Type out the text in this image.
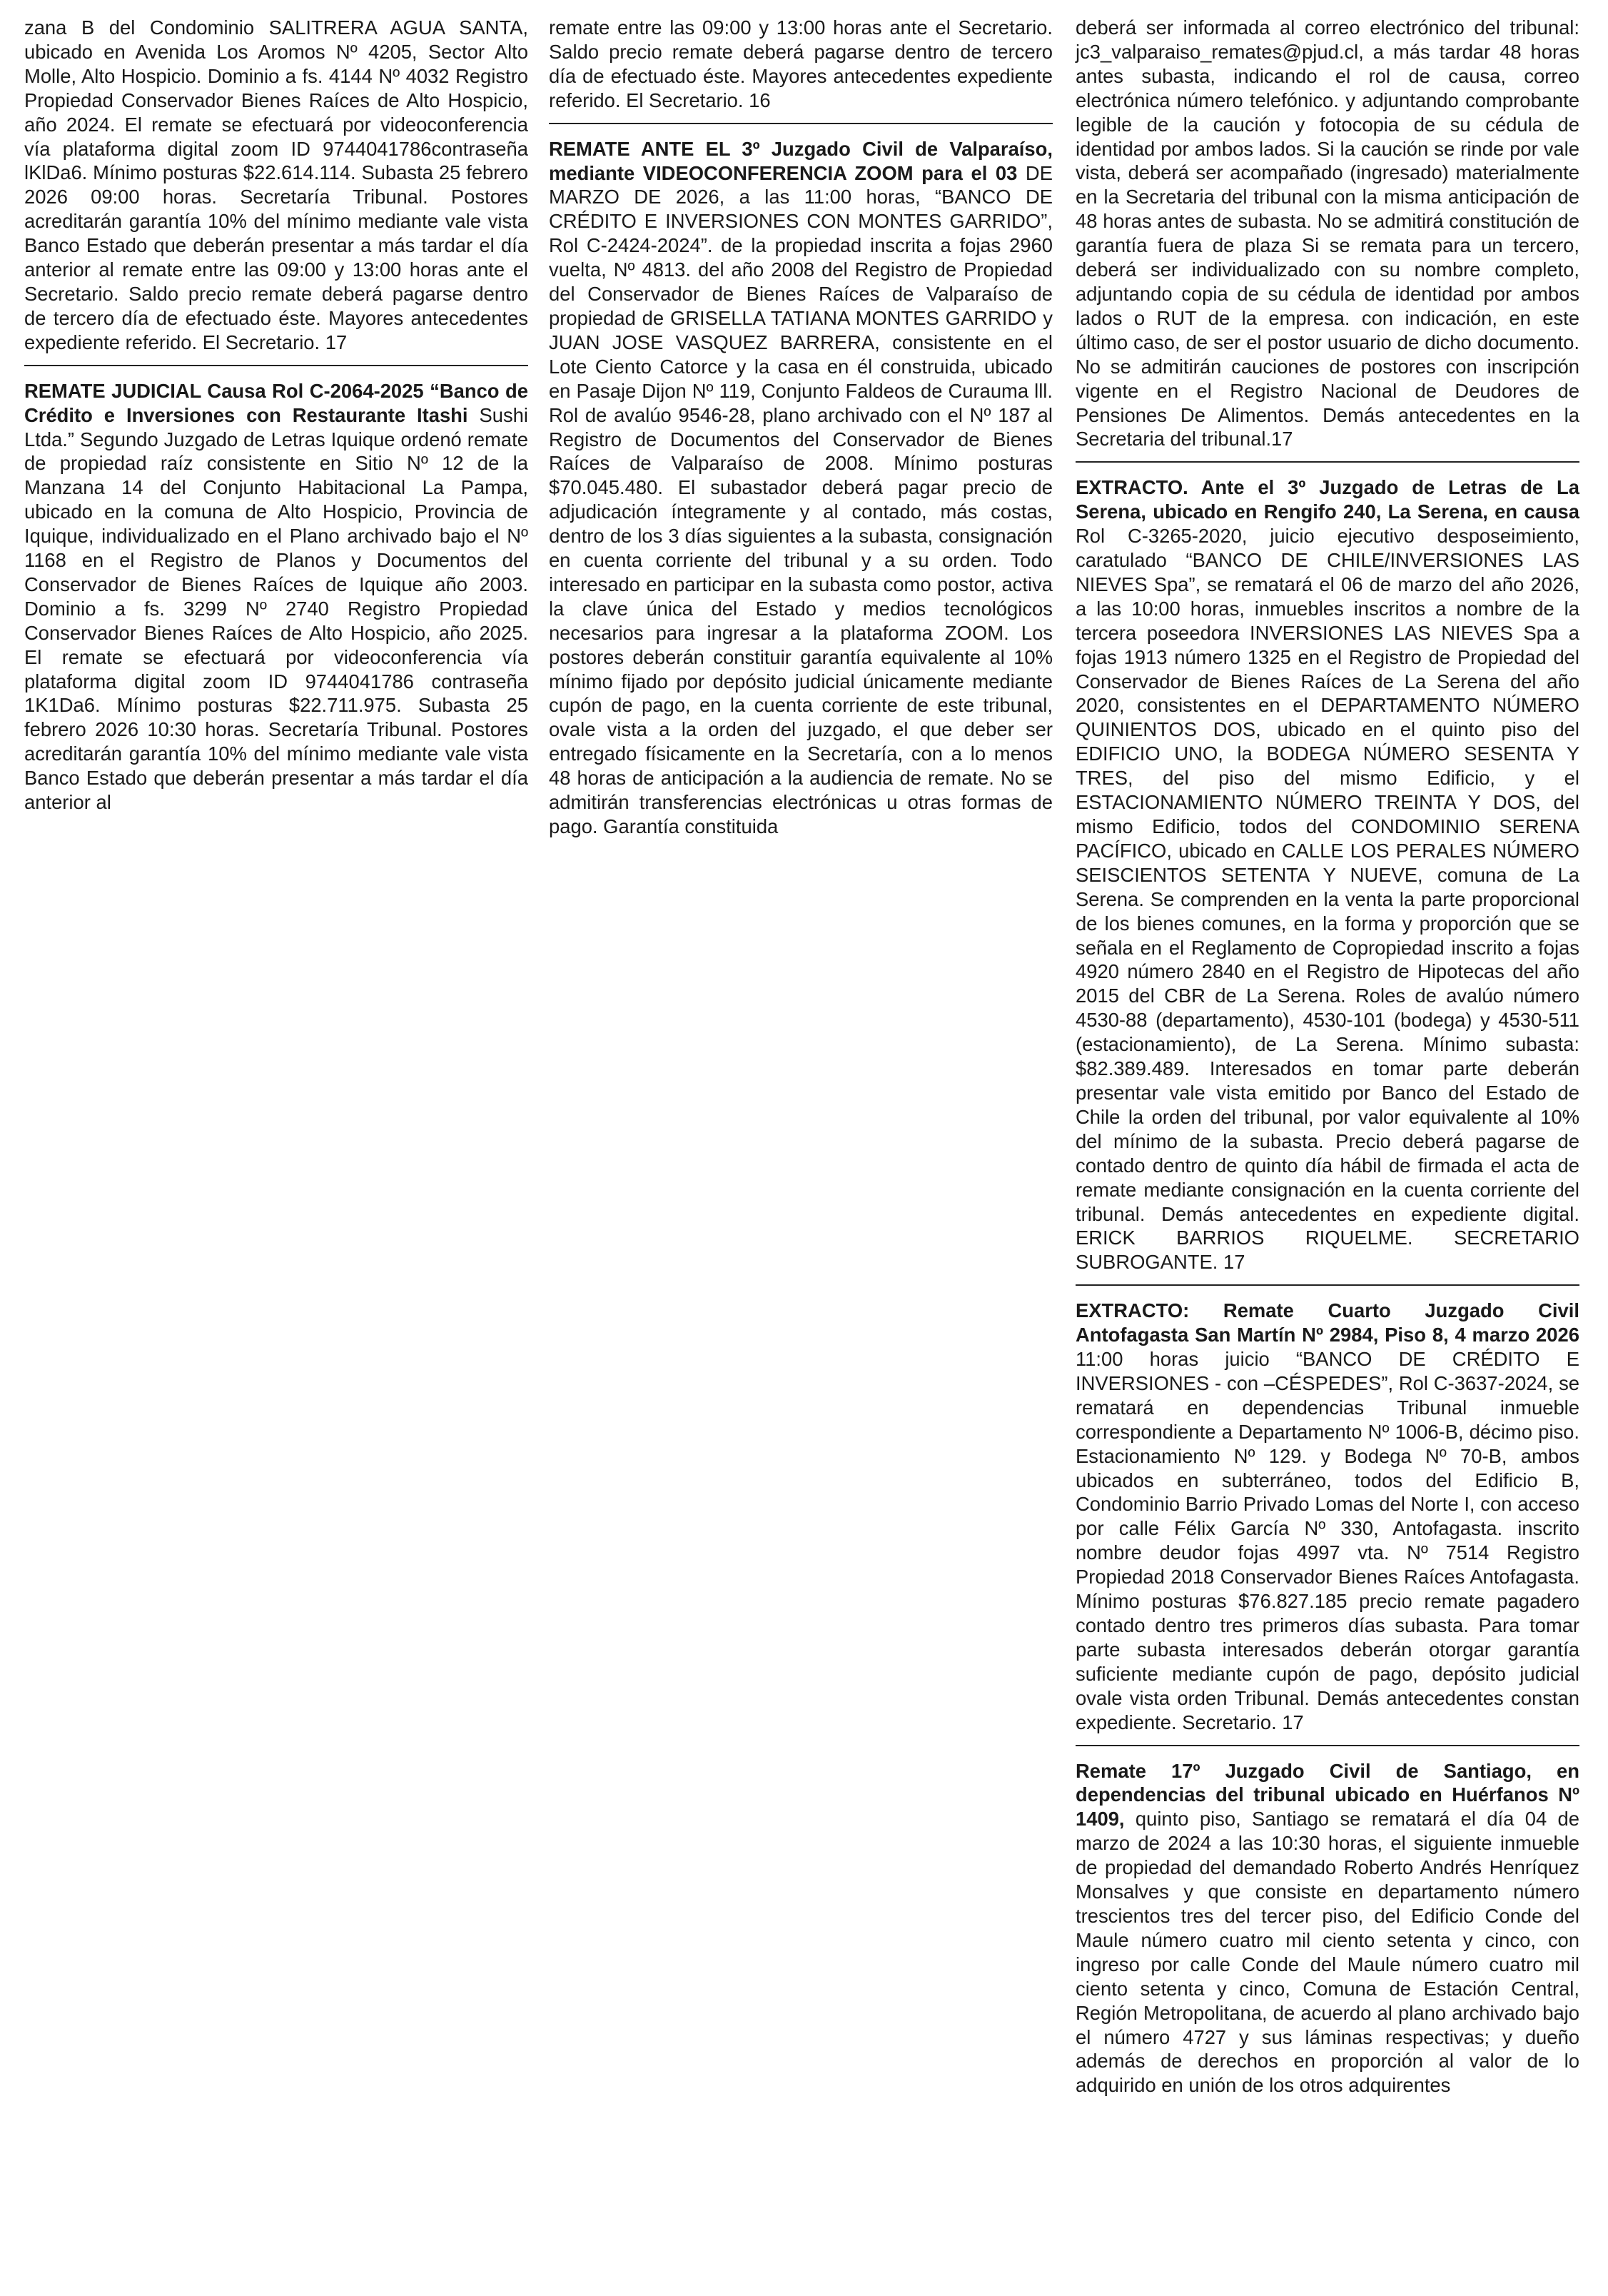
zana B del Condominio SALITRERA AGUA SANTA, ubicado en Avenida Los Aromos Nº 4205, Sector Alto Molle, Alto Hospicio. Dominio a fs. 4144 Nº 4032 Registro Propiedad Conservador Bienes Raíces de Alto Hospicio, año 2024. El remate se efectuará por videoconferencia vía plataforma digital zoom ID 9744041786contraseña lKlDa6. Mínimo posturas $22.614.114. Subasta 25 febrero 2026 09:00 horas. Secretaría Tribunal. Postores acreditarán garantía 10% del mínimo mediante vale vista Banco Estado que deberán presentar a más tardar el día anterior al remate entre las 09:00 y 13:00 horas ante el Secretario. Saldo precio remate deberá pagarse dentro de tercero día de efectuado éste. Mayores antecedentes expediente referido. El Secretario. 17

REMATE JUDICIAL Causa Rol C-2064-2025 “Banco de Crédito e Inversiones con Restaurante Itashi Sushi Ltda.” Segundo Juzgado de Letras Iquique ordenó remate de propiedad raíz consistente en Sitio Nº 12 de la Manzana 14 del Conjunto Habitacional La Pampa, ubicado en la comuna de Alto Hospicio, Provincia de Iquique, individualizado en el Plano archivado bajo el Nº 1168 en el Registro de Planos y Documentos del Conservador de Bienes Raíces de Iquique año 2003. Dominio a fs. 3299 Nº 2740 Registro Propiedad Conservador Bienes Raíces de Alto Hospicio, año 2025. El remate se efectuará por videoconferencia vía plataforma digital zoom ID 9744041786 contraseña 1K1Da6. Mínimo posturas $22.711.975. Subasta 25 febrero 2026 10:30 horas. Secretaría Tribunal. Postores acreditarán garantía 10% del mínimo mediante vale vista Banco Estado que deberán presentar a más tardar el día anterior al

remate entre las 09:00 y 13:00 horas ante el Secretario. Saldo precio remate deberá pagarse dentro de tercero día de efectuado éste. Mayores antecedentes expediente referido. El Secretario. 16

REMATE ANTE EL 3º Juzgado Civil de Valparaíso, mediante VIDEOCONFERENCIA ZOOM para el 03 DE MARZO DE 2026, a las 11:00 horas, “BANCO DE CRÉDITO E INVERSIONES CON MONTES GARRIDO”, Rol C-2424-2024”. de la propiedad inscrita a fojas 2960 vuelta, Nº 4813. del año 2008 del Registro de Propiedad del Conservador de Bienes Raíces de Valparaíso de propiedad de GRISELLA TATIANA MONTES GARRIDO y JUAN JOSE VASQUEZ BARRERA, consistente en el Lote Ciento Catorce y la casa en él construida, ubicado en Pasaje Dijon Nº 119, Conjunto Faldeos de Curauma lll. Rol de avalúo 9546-28, plano archivado con el Nº 187 al Registro de Documentos del Conservador de Bienes Raíces de Valparaíso de 2008. Mínimo posturas $70.045.480. El subastador deberá pagar precio de adjudicación íntegramente y al contado, más costas, dentro de los 3 días siguientes a la subasta, consignación en cuenta corriente del tribunal y a su orden. Todo interesado en participar en la subasta como postor, activa la clave única del Estado y medios tecnológicos necesarios para ingresar a la plataforma ZOOM. Los postores deberán constituir garantía equivalente al 10% mínimo fijado por depósito judicial únicamente mediante cupón de pago, en la cuenta corriente de este tribunal, ovale vista a la orden del juzgado, el que deber ser entregado físicamente en la Secretaría, con a lo menos 48 horas de anticipación a la audiencia de remate. No se admitirán transferencias electrónicas u otras formas de pago. Garantía constituida

deberá ser informada al correo electrónico del tribunal: jc3_valparaiso_remates@pjud.cl, a más tardar 48 horas antes subasta, indicando el rol de causa, correo electrónica número telefónico. y adjuntando comprobante legible de la caución y fotocopia de su cédula de identidad por ambos lados. Si la caución se rinde por vale vista, deberá ser acompañado (ingresado) materialmente en la Secretaria del tribunal con la misma anticipación de 48 horas antes de subasta. No se admitirá constitución de garantía fuera de plaza Si se remata para un tercero, deberá ser individualizado con su nombre completo, adjuntando copia de su cédula de identidad por ambos lados o RUT de la empresa. con indicación, en este último caso, de ser el postor usuario de dicho documento. No se admitirán cauciones de postores con inscripción vigente en el Registro Nacional de Deudores de Pensiones De Alimentos. Demás antecedentes en la Secretaria del tribunal.17

EXTRACTO. Ante el 3º Juzgado de Letras de La Serena, ubicado en Rengifo 240, La Serena, en causa Rol C-3265-2020, juicio ejecutivo desposeimiento, caratulado “BANCO DE CHILE/INVERSIONES LAS NIEVES Spa”, se rematará el 06 de marzo del año 2026, a las 10:00 horas, inmuebles inscritos a nombre de la tercera poseedora INVERSIONES LAS NIEVES Spa a fojas 1913 número 1325 en el Registro de Propiedad del Conservador de Bienes Raíces de La Serena del año 2020, consistentes en el DEPARTAMENTO NÚMERO QUINIENTOS DOS, ubicado en el quinto piso del EDIFICIO UNO, la BODEGA NÚMERO SESENTA Y TRES, del piso del mismo Edificio, y el ESTACIONAMIENTO NÚMERO TREINTA Y DOS, del mismo Edificio, todos del CONDOMINIO SERENA PACÍFICO, ubicado en CALLE LOS PERALES NÚMERO SEISCIENTOS SETENTA Y NUEVE, comuna de La Serena. Se comprenden en la venta la parte proporcional de los bienes comunes, en la forma y proporción que se señala en el Reglamento de Copropiedad inscrito a fojas 4920 número 2840 en el Registro de Hipotecas del año 2015 del CBR de La Serena. Roles de avalúo número 4530-88 (departamento), 4530-101 (bodega) y 4530-511 (estacionamiento), de La Serena. Mínimo subasta: $82.389.489. Interesados en tomar parte deberán presentar vale vista emitido por Banco del Estado de Chile la orden del tribunal, por valor equivalente al 10% del mínimo de la subasta. Precio deberá pagarse de contado dentro de quinto día hábil de firmada el acta de remate mediante consignación en la cuenta corriente del tribunal. Demás antecedentes en expediente digital. ERICK BARRIOS RIQUELME. SECRETARIO SUBROGANTE. 17

EXTRACTO: Remate Cuarto Juzgado Civil Antofagasta San Martín Nº 2984, Piso 8, 4 marzo 2026 11:00 horas juicio “BANCO DE CRÉDITO E INVERSIONES - con –CÉSPEDES”, Rol C-3637-2024, se rematará en dependencias Tribunal inmueble correspondiente a Departamento Nº 1006-B, décimo piso. Estacionamiento Nº 129. y Bodega Nº 70-B, ambos ubicados en subterráneo, todos del Edificio B, Condominio Barrio Privado Lomas del Norte I, con acceso por calle Félix García Nº 330, Antofagasta. inscrito nombre deudor fojas 4997 vta. Nº 7514 Registro Propiedad 2018 Conservador Bienes Raíces Antofagasta. Mínimo posturas $76.827.185 precio remate pagadero contado dentro tres primeros días subasta. Para tomar parte subasta interesados deberán otorgar garantía suficiente mediante cupón de pago, depósito judicial ovale vista orden Tribunal. Demás antecedentes constan expediente. Secretario. 17

Remate 17º Juzgado Civil de Santiago, en dependencias del tribunal ubicado en Huérfanos Nº 1409, quinto piso, Santiago se rematará el día 04 de marzo de 2024 a las 10:30 horas, el siguiente inmueble de propiedad del demandado Roberto Andrés Henríquez Monsalves y que consiste en departamento número trescientos tres del tercer piso, del Edificio Conde del Maule número cuatro mil ciento setenta y cinco, con ingreso por calle Conde del Maule número cuatro mil ciento setenta y cinco, Comuna de Estación Central, Región Metropolitana, de acuerdo al plano archivado bajo el número 4727 y sus láminas respectivas; y dueño además de derechos en proporción al valor de lo adquirido en unión de los otros adquirentes
